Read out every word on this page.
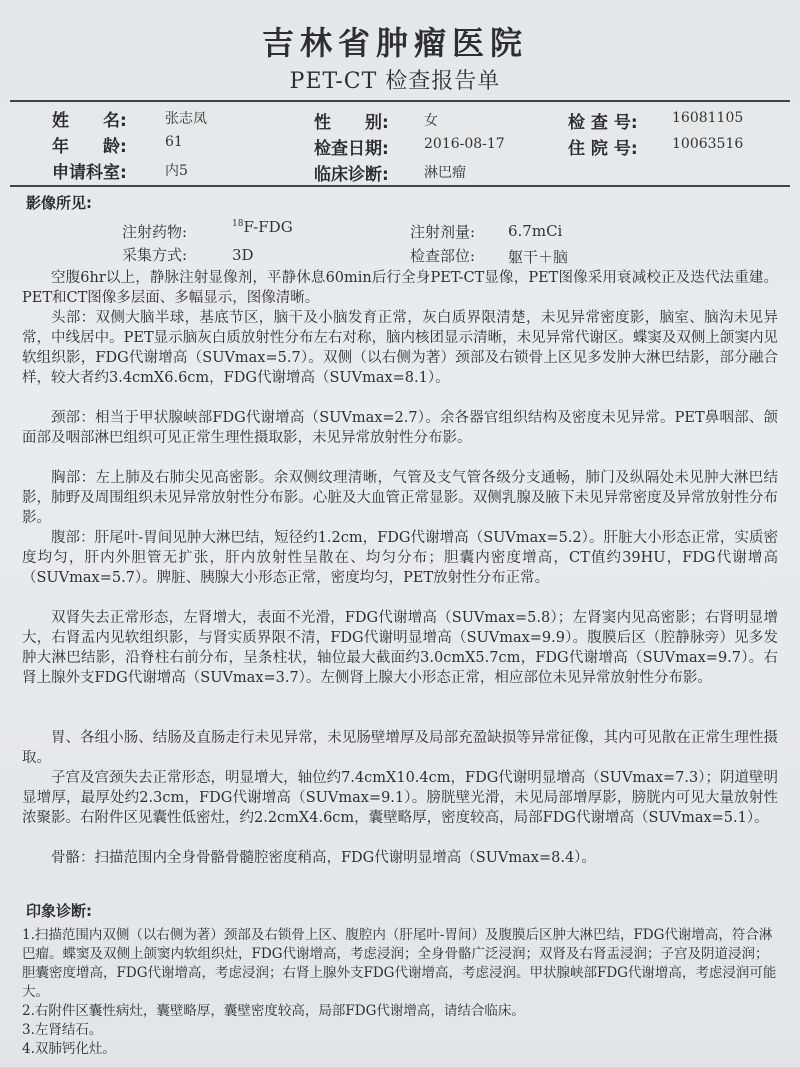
吉林省肿瘤医院
PET-CT 检查报告单
姓　　名:	张志凤	性　　别:	女	检 查 号: 16081105
年　　龄:	61	检查日期:	2016-08-17	住 院 号: 10063516
申请科室:	内5	临床诊断:	淋巴瘤
影像所见:
注射药物:	$^{18}$F-FDG	注射剂量: 6.7mCi
采集方式:	3D	检查部位: 躯干＋脑
空腹6hr以上，静脉注射显像剂，平静休息60min后行全身PET-CT显像，PET图像采用衰减校正及迭代法重建。PET和CT图像多层面、多幅显示，图像清晰。
头部：双侧大脑半球，基底节区，脑干及小脑发育正常，灰白质界限清楚，未见异常密度影，脑室、脑沟未见异常，中线居中。PET显示脑灰白质放射性分布左右对称，脑内核团显示清晰，未见异常代谢区。蝶窦及双侧上颌窦内见软组织影，FDG代谢增高（SUVmax=5.7）。双侧（以右侧为著）颈部及右锁骨上区见多发肿大淋巴结影，部分融合样，较大者约3.4cmX6.6cm，FDG代谢增高（SUVmax=8.1）。
颈部：相当于甲状腺峡部FDG代谢增高（SUVmax=2.7）。余各器官组织结构及密度未见异常。PET鼻咽部、颌面部及咽部淋巴组织可见正常生理性摄取影，未见异常放射性分布影。
胸部：左上肺及右肺尖见高密影。余双侧纹理清晰，气管及支气管各级分支通畅，肺门及纵隔处未见肿大淋巴结影，肺野及周围组织未见异常放射性分布影。心脏及大血管正常显影。双侧乳腺及腋下未见异常密度及异常放射性分布影。
腹部：肝尾叶-胃间见肿大淋巴结，短径约1.2cm，FDG代谢增高（SUVmax=5.2）。肝脏大小形态正常，实质密度均匀，肝内外胆管无扩张，肝内放射性呈散在、均匀分布；胆囊内密度增高，CT值约39HU，FDG代谢增高（SUVmax=5.7）。脾脏、胰腺大小形态正常，密度均匀，PET放射性分布正常。
双肾失去正常形态，左肾增大，表面不光滑，FDG代谢增高（SUVmax=5.8）；左肾窦内见高密影；右肾明显增大，右肾盂内见软组织影，与肾实质界限不清，FDG代谢明显增高（SUVmax=9.9）。腹膜后区（腔静脉旁）见多发肿大淋巴结影，沿脊柱右前分布，呈条柱状，轴位最大截面约3.0cmX5.7cm，FDG代谢增高（SUVmax=9.7）。右肾上腺外支FDG代谢增高（SUVmax=3.7）。左侧肾上腺大小形态正常，相应部位未见异常放射性分布影。
胃、各组小肠、结肠及直肠走行未见异常，未见肠壁增厚及局部充盈缺损等异常征像，其内可见散在正常生理性摄取。
子宫及宫颈失去正常形态，明显增大，轴位约7.4cmX10.4cm，FDG代谢明显增高（SUVmax=7.3）；阴道壁明显增厚，最厚处约2.3cm，FDG代谢增高（SUVmax=9.1）。膀胱壁光滑，未见局部增厚影，膀胱内可见大量放射性浓聚影。右附件区见囊性低密灶，约2.2cmX4.6cm，囊壁略厚，密度较高，局部FDG代谢增高（SUVmax=5.1）。
骨骼：扫描范围内全身骨骼骨髓腔密度稍高，FDG代谢明显增高（SUVmax=8.4）。
印象诊断:
1.扫描范围内双侧（以右侧为著）颈部及右锁骨上区、腹腔内（肝尾叶-胃间）及腹膜后区肿大淋巴结，FDG代谢增高，符合淋巴瘤。蝶窦及双侧上颌窦内软组织灶，FDG代谢增高，考虑浸润；全身骨骼广泛浸润；双肾及右肾盂浸润；子宫及阴道浸润；胆囊密度增高，FDG代谢增高，考虑浸润；右肾上腺外支FDG代谢增高，考虑浸润。甲状腺峡部FDG代谢增高，考虑浸润可能大。
2.右附件区囊性病灶，囊壁略厚，囊壁密度较高，局部FDG代谢增高，请结合临床。
3.左肾结石。
4.双肺钙化灶。
